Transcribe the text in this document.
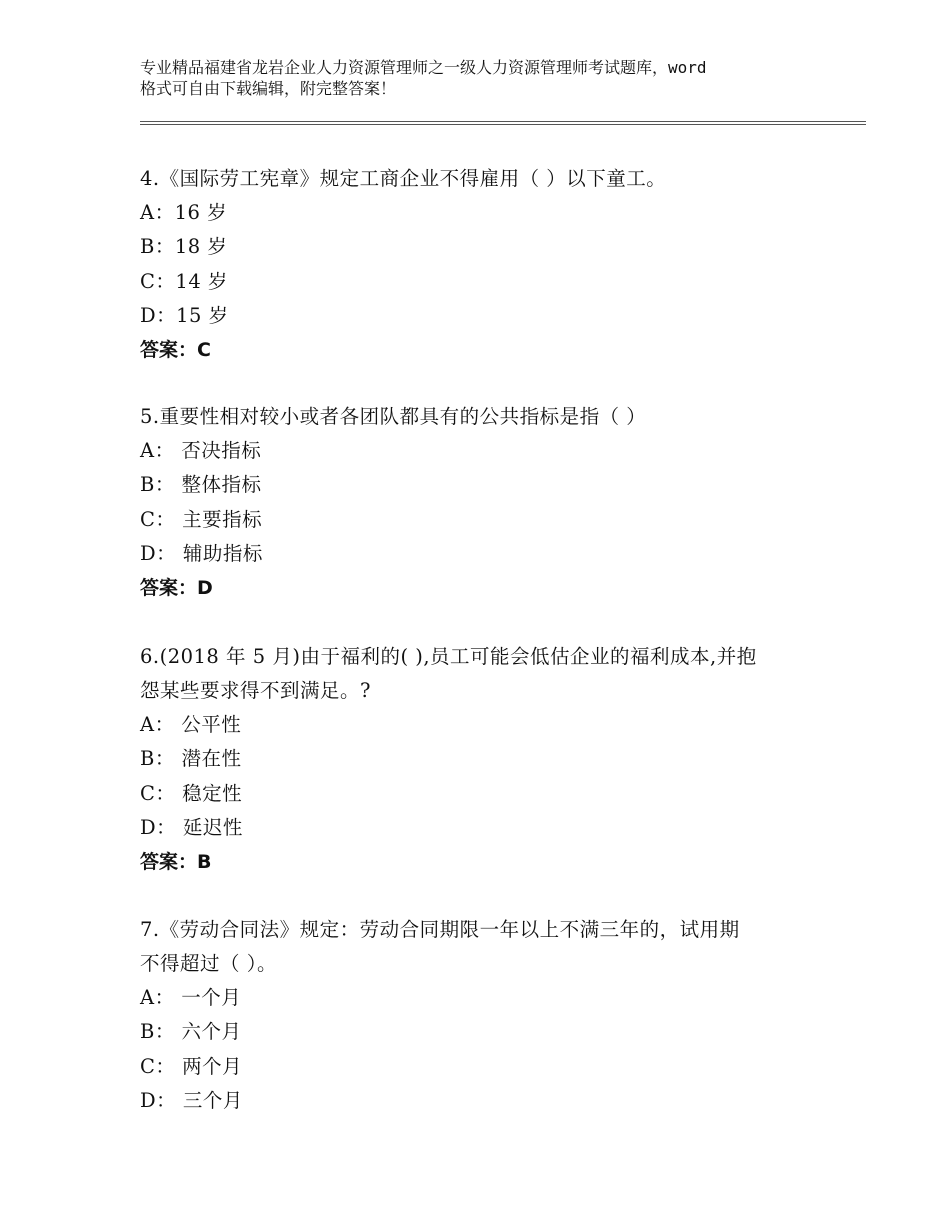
专业精品福建省龙岩企业人力资源管理师之一级人力资源管理师考试题库，word
格式可自由下载编辑，附完整答案！
4.《国际劳工宪章》规定工商企业不得雇用（ ）以下童工。
A：16 岁
B：18 岁
C：14 岁
D：15 岁
答案：C
5.重要性相对较小或者各团队都具有的公共指标是指（ ）
A： 否决指标
B： 整体指标
C： 主要指标
D： 辅助指标
答案：D
6.(2018 年 5 月)由于福利的( ),员工可能会低估企业的福利成本,并抱
怨某些要求得不到满足。?
A： 公平性
B： 潜在性
C： 稳定性
D： 延迟性
答案：B
7.《劳动合同法》规定：劳动合同期限一年以上不满三年的，试用期
不得超过（ ）。
A： 一个月
B： 六个月
C： 两个月
D： 三个月
